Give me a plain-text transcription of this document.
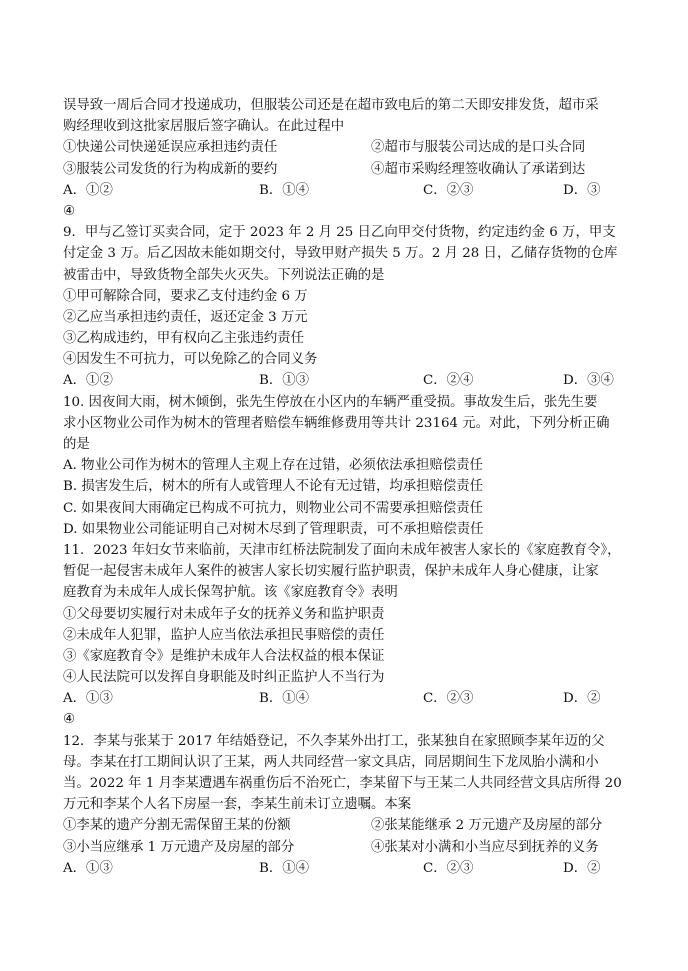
误导致一周后合同才投递成功，但服装公司还是在超市致电后的第二天即安排发货，超市采
购经理收到这批家居服后签字确认。在此过程中
①快递公司快递延误应承担违约责任	②超市与服装公司达成的是口头合同
③服装公司发货的行为构成新的要约	④超市采购经理签收确认了承诺到达
A．①②	B．①④	C．②③	D．③
④
9．甲与乙签订买卖合同，定于 2023 年 2 月 25 日乙向甲交付货物，约定违约金 6 万，甲支
付定金 3 万。后乙因故未能如期交付，导致甲财产损失 5 万。2 月 28 日，乙储存货物的仓库
被雷击中，导致货物全部失火灭失。下列说法正确的是
①甲可解除合同，要求乙支付违约金 6 万
②乙应当承担违约责任，返还定金 3 万元
③乙构成违约，甲有权向乙主张违约责任
④因发生不可抗力，可以免除乙的合同义务
A．①②	B．①③	C．②④	D．③④
10. 因夜间大雨，树木倾倒，张先生停放在小区内的车辆严重受损。事故发生后，张先生要
求小区物业公司作为树木的管理者赔偿车辆维修费用等共计 23164 元。对此，下列分析正确
的是
A. 物业公司作为树木的管理人主观上存在过错，必须依法承担赔偿责任
B. 损害发生后，树木的所有人或管理人不论有无过错，均承担赔偿责任
C. 如果夜间大雨确定已构成不可抗力，则物业公司不需要承担赔偿责任
D. 如果物业公司能证明自己对树木尽到了管理职责，可不承担赔偿责任
11．2023 年妇女节来临前，天津市红桥法院制发了面向未成年被害人家长的《家庭教育令》，
暂促一起侵害未成年人案件的被害人家长切实履行监护职责，保护未成年人身心健康，让家
庭教育为未成年人成长保驾护航。该《家庭教育令》表明
①父母要切实履行对未成年子女的抚养义务和监护职责
②未成年人犯罪，监护人应当依法承担民事赔偿的责任
③《家庭教育令》是维护未成年人合法权益的根本保证
④人民法院可以发挥自身职能及时纠正监护人不当行为
A．①③	B．①④	C．②③	D．②
④
12．李某与张某于 2017 年结婚登记，不久李某外出打工，张某独自在家照顾李某年迈的父
母。李某在打工期间认识了王某，两人共同经营一家文具店，同居期间生下龙凤胎小满和小
当。2022 年 1 月李某遭遇车祸重伤后不治死亡，李某留下与王某二人共同经营文具店所得 20
万元和李某个人名下房屋一套，李某生前未订立遗嘱。本案
①李某的遗产分割无需保留王某的份额	②张某能继承 2 万元遗产及房屋的部分
③小当应继承 1 万元遗产及房屋的部分	④张某对小满和小当应尽到抚养的义务
A．①③	B．①④	C．②③	D．②
